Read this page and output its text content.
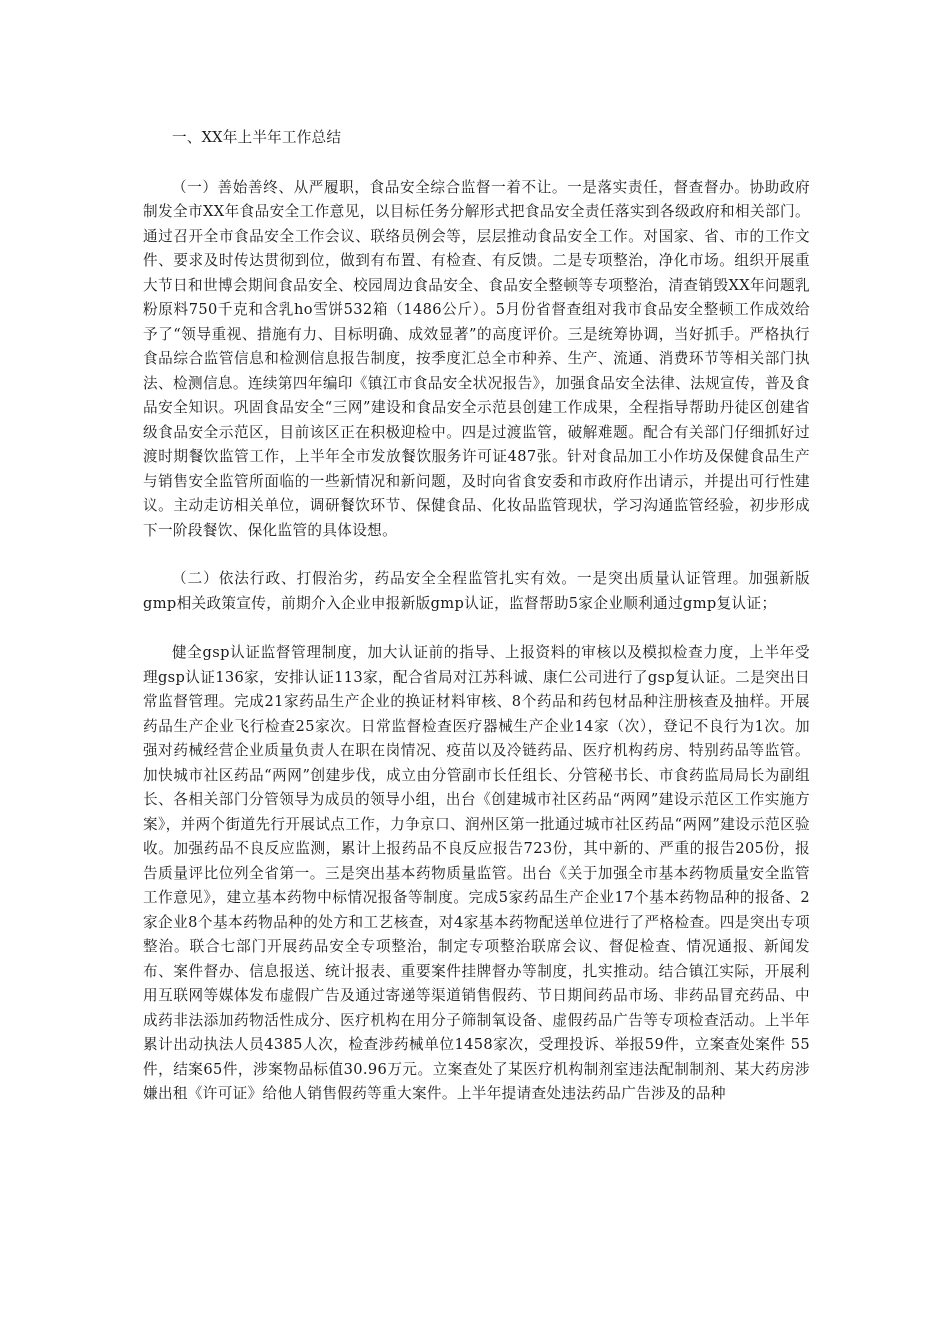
一、XX年上半年工作总结

（一）善始善终、从严履职，食品安全综合监督一着不让。一是落实责任，督查督办。协助政府制发全市XX年食品安全工作意见，以目标任务分解形式把食品安全责任落实到各级政府和相关部门。通过召开全市食品安全工作会议、联络员例会等，层层推动食品安全工作。对国家、省、市的工作文件、要求及时传达贯彻到位，做到有布置、有检查、有反馈。二是专项整治，净化市场。组织开展重大节日和世博会期间食品安全、校园周边食品安全、食品安全整顿等专项整治，清查销毁XX年问题乳粉原料750千克和含乳ho雪饼532箱（1486公斤）。5月份省督查组对我市食品安全整顿工作成效给予了“领导重视、措施有力、目标明确、成效显著”的高度评价。三是统筹协调，当好抓手。严格执行食品综合监管信息和检测信息报告制度，按季度汇总全市种养、生产、流通、消费环节等相关部门执法、检测信息。连续第四年编印《镇江市食品安全状况报告》，加强食品安全法律、法规宣传，普及食品安全知识。巩固食品安全“三网”建设和食品安全示范县创建工作成果，全程指导帮助丹徒区创建省级食品安全示范区，目前该区正在积极迎检中。四是过渡监管，破解难题。配合有关部门仔细抓好过渡时期餐饮监管工作，上半年全市发放餐饮服务许可证487张。针对食品加工小作坊及保健食品生产与销售安全监管所面临的一些新情况和新问题，及时向省食安委和市政府作出请示，并提出可行性建议。主动走访相关单位，调研餐饮环节、保健食品、化妆品监管现状，学习沟通监管经验，初步形成下一阶段餐饮、保化监管的具体设想。

（二）依法行政、打假治劣，药品安全全程监管扎实有效。一是突出质量认证管理。加强新版gmp相关政策宣传，前期介入企业申报新版gmp认证，监督帮助5家企业顺利通过gmp复认证；

健全gsp认证监督管理制度，加大认证前的指导、上报资料的审核以及模拟检查力度，上半年受理gsp认证136家，安排认证113家，配合省局对江苏科诚、康仁公司进行了gsp复认证。二是突出日常监督管理。完成21家药品生产企业的换证材料审核、8个药品和药包材品种注册核查及抽样。开展药品生产企业飞行检查25家次。日常监督检查医疗器械生产企业14家（次），登记不良行为1次。加强对药械经营企业质量负责人在职在岗情况、疫苗以及冷链药品、医疗机构药房、特别药品等监管。加快城市社区药品“两网”创建步伐，成立由分管副市长任组长、分管秘书长、市食药监局局长为副组长、各相关部门分管领导为成员的领导小组，出台《创建城市社区药品“两网”建设示范区工作实施方案》，并两个街道先行开展试点工作，力争京口、润州区第一批通过城市社区药品“两网”建设示范区验收。加强药品不良反应监测，累计上报药品不良反应报告723份，其中新的、严重的报告205份，报告质量评比位列全省第一。三是突出基本药物质量监管。出台《关于加强全市基本药物质量安全监管工作意见》，建立基本药物中标情况报备等制度。完成5家药品生产企业17个基本药物品种的报备、2家企业8个基本药物品种的处方和工艺核查，对4家基本药物配送单位进行了严格检查。四是突出专项整治。联合七部门开展药品安全专项整治，制定专项整治联席会议、督促检查、情况通报、新闻发布、案件督办、信息报送、统计报表、重要案件挂牌督办等制度，扎实推动。结合镇江实际，开展利用互联网等媒体发布虚假广告及通过寄递等渠道销售假药、节日期间药品市场、非药品冒充药品、中成药非法添加药物活性成分、医疗机构在用分子筛制氧设备、虚假药品广告等专项检查活动。上半年累计出动执法人员4385人次，检查涉药械单位1458家次，受理投诉、举报59件，立案查处案件 55件，结案65件，涉案物品标值30.96万元。立案查处了某医疗机构制剂室违法配制制剂、某大药房涉嫌出租《许可证》给他人销售假药等重大案件。上半年提请查处违法药品广告涉及的品种
